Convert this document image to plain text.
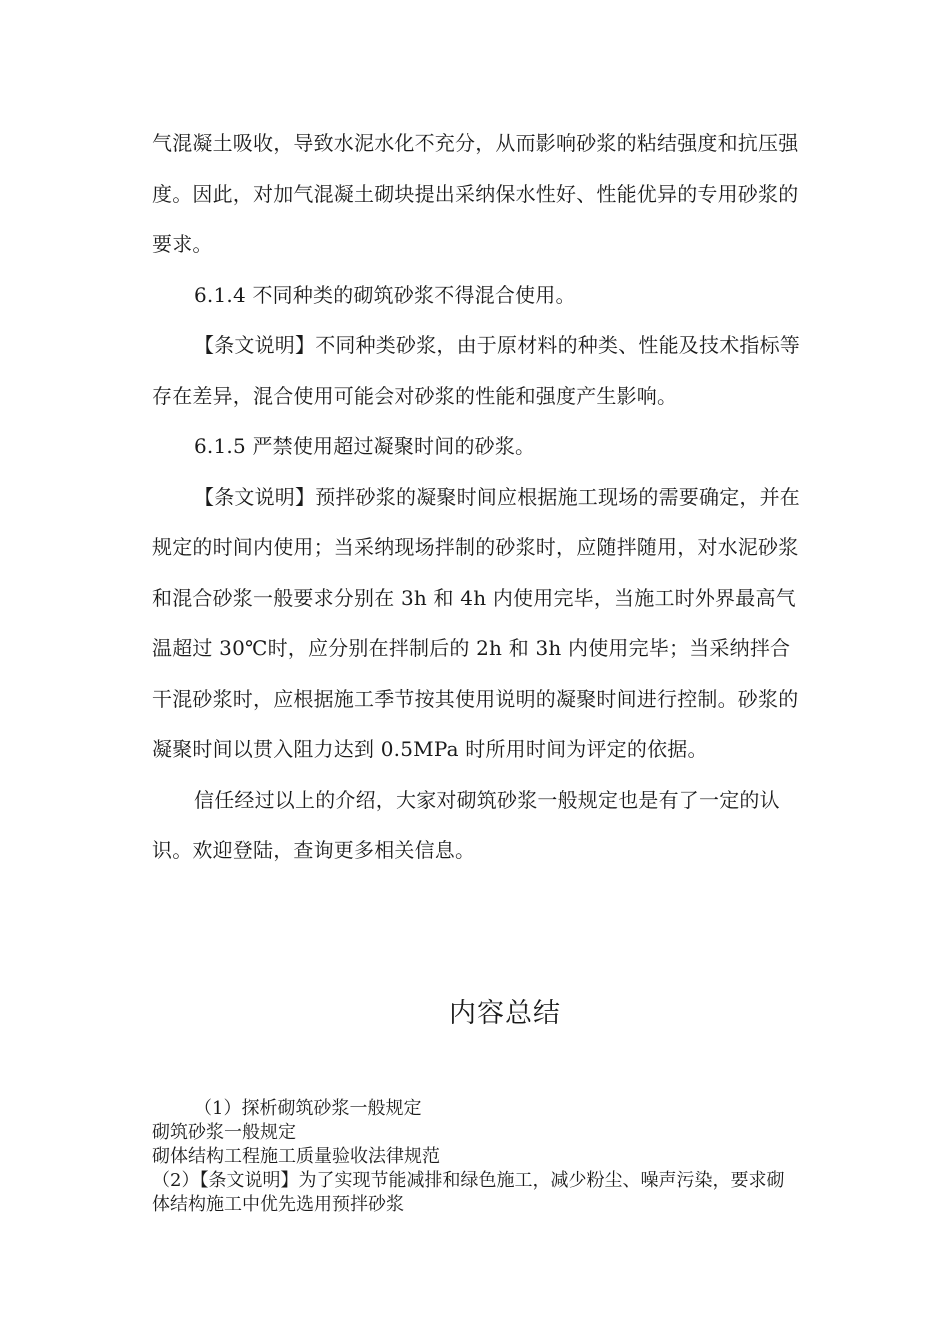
气混凝土吸收，导致水泥水化不充分，从而影响砂浆的粘结强度和抗压强度。因此，对加气混凝土砌块提出采纳保水性好、性能优异的专用砂浆的要求。

6.1.4 不同种类的砌筑砂浆不得混合使用。

【条文说明】不同种类砂浆，由于原材料的种类、性能及技术指标等存在差异，混合使用可能会对砂浆的性能和强度产生影响。

6.1.5 严禁使用超过凝聚时间的砂浆。

【条文说明】预拌砂浆的凝聚时间应根据施工现场的需要确定，并在规定的时间内使用；当采纳现场拌制的砂浆时，应随拌随用，对水泥砂浆和混合砂浆一般要求分别在 3h 和 4h 内使用完毕，当施工时外界最高气温超过 30℃时，应分别在拌制后的 2h 和 3h 内使用完毕；当采纳拌合干混砂浆时，应根据施工季节按其使用说明的凝聚时间进行控制。砂浆的凝聚时间以贯入阻力达到 0.5MPa 时所用时间为评定的依据。

信任经过以上的介绍，大家对砌筑砂浆一般规定也是有了一定的认识。欢迎登陆，查询更多相关信息。

内容总结

（1）探析砌筑砂浆一般规定

砌筑砂浆一般规定

砌体结构工程施工质量验收法律规范

（2）【条文说明】为了实现节能减排和绿色施工，减少粉尘、噪声污染，要求砌体结构施工中优先选用预拌砂浆
